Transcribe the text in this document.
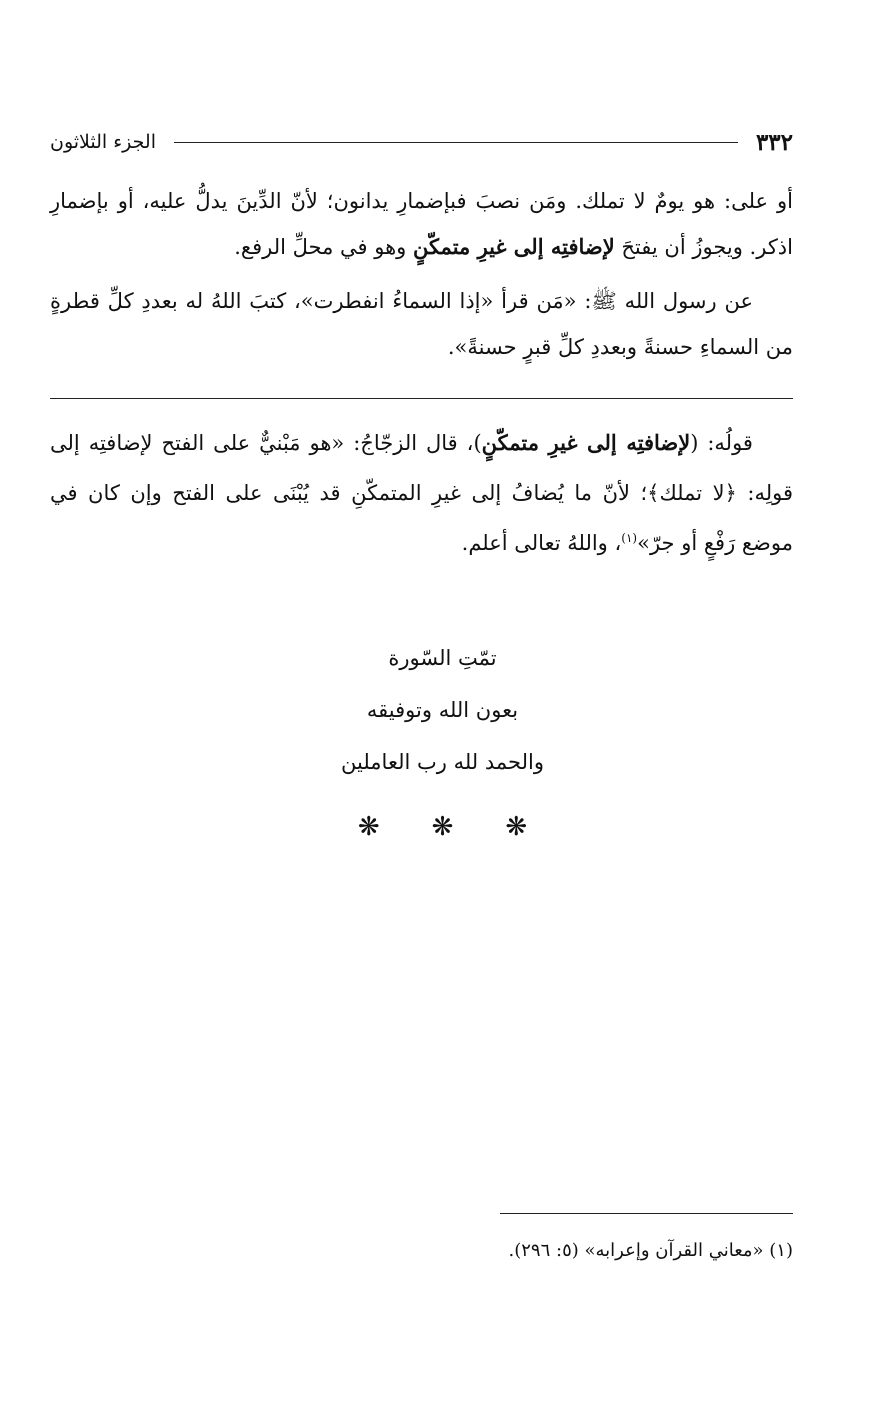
٣٣٢
الجزء الثلاثون

أو على: هو يومٌ لا تملك. ومَن نصبَ فبإضمارِ يدانون؛ لأنّ الدِّينَ يدلُّ عليه، أو بإضمارِ اذكر. ويجوزُ أن يفتحَ لإضافتِه إلى غيرِ متمكّنٍ وهو في محلِّ الرفع.

عن رسول الله ﷺ: «مَن قرأ «إذا السماءُ انفطرت»، كتبَ اللهُ له بعددِ كلِّ قطرةٍ من السماءِ حسنةً وبعددِ كلِّ قبرٍ حسنةً».

قولُه: (لإضافتِه إلى غيرِ متمكّنٍ)، قال الزجّاجُ: «هو مَبْنيٌّ على الفتح لإضافتِه إلى قولِه: ﴿لا تملك﴾؛ لأنّ ما يُضافُ إلى غيرِ المتمكّنِ قد يُبْنَى على الفتح وإن كان في موضع رَفْعٍ أو جرّ»$^{(١)}$، واللهُ تعالى أعلم.

تمّتِ السّورة
بعون الله وتوفيقه
والحمد لله رب العاملين
❋
❋
❋
(١) «معاني القرآن وإعرابه» (٥: ٢٩٦).
